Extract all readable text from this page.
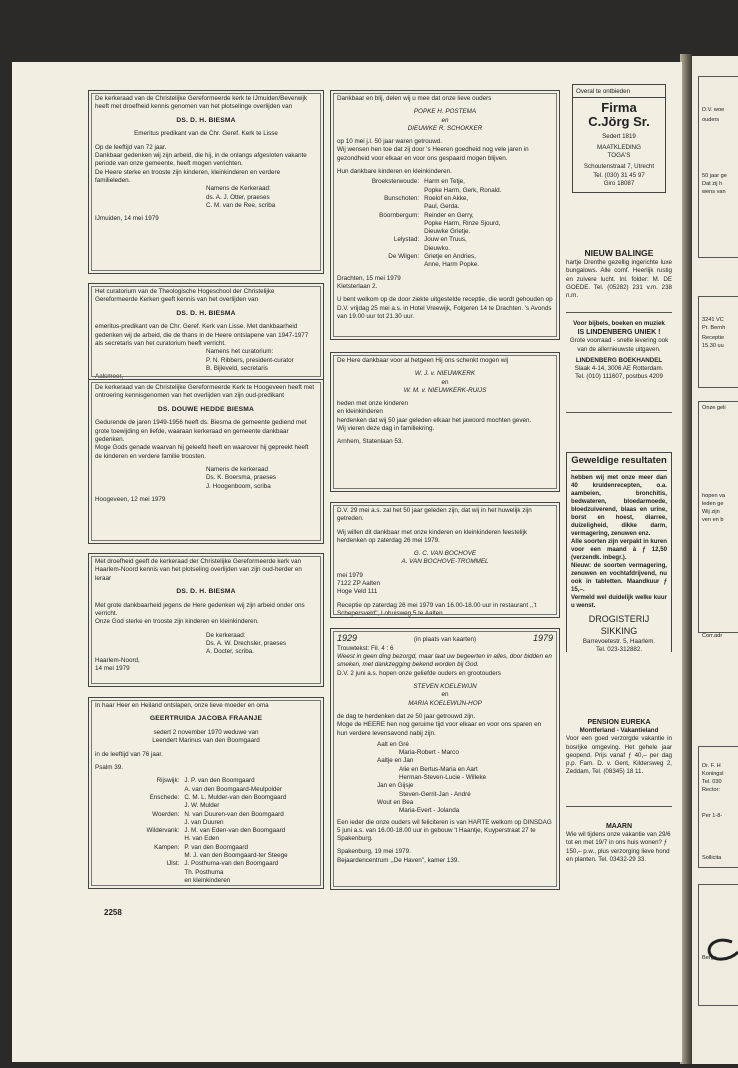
De kerkeraad van de Christelijke Gereformeerde kerk te IJmuiden/Beverwijk heeft met droefheid kennis genomen van het plotselinge overlijden van
DS. D. H. BIESMA
Emeritus predikant van de Chr. Geref. Kerk te Lisse
Op de leeftijd van 72 jaar.
Dankbaar gedenken wij zijn arbeid, die hij, in de onlangs afgesloten vakante periode van onze gemeente, heeft mogen verrichten.
De Heere sterke en trooste zijn kinderen, kleinkinderen en verdere familieleden.
Namens de Kerkeraad:
ds. A. J. Otter, praeses
C. M. van de Ree, scriba
IJmuiden, 14 mei 1979
Het curatorium van de Theologische Hogeschool der Christelijke Gereformeerde Kerken geeft kennis van het overlijden van
DS. D. H. BIESMA
emeritus-predikant van de Chr. Geref. Kerk van Lisse. Met dankbaarheid gedenken wij de arbeid, die de thans in de Heere ontslapene van 1947-1977 als secretaris van het curatorium heeft verricht.
Namens het curatorium:
P. N. Ribbers, president-curator
B. Bijleveld, secretaris
Aalsmeer,

De kerkeraad van de Christelijke Gereformeerde Kerk te Hoogeveen heeft met ontroering kennisgenomen van het overlijden van zijn oud-predikant
DS. DOUWE HEDDE BIESMA
Gedurende de jaren 1949-1956 heeft ds. Biesma de gemeente gediend met grote toewijding en liefde, waaraan kerkeraad en gemeente dankbaar gedenken.
Moge Gods genade waarvan hij geleefd heeft en waarover hij gepreekt heeft de kinderen en verdere familie troosten.
Namens de kerkeraad
Ds. K. Boersma, praeses
J. Hoogenboom, scriba
Hoogeveen, 12 mei 1979
Met droefheid geeft de kerkeraad der Christelijke Gereformeerde kerk van Haarlem-Noord kennis van het plotseling overlijden van zijn oud-herder en leraar
DS. D. H. BIESMA
Met grote dankbaarheid jegens de Here gedenken wij zijn arbeid onder ons verricht.
Onze God sterke en trooste zijn kinderen en kleinkinderen.
De kerkeraad:
Ds. A. W. Drechsler, praeses
A. Docter, scriba.
Haarlem-Noord,
14 mei 1979
In haar Heer en Heiland ontslapen, onze lieve moeder en oma
GEERTRUIDA JACOBA FRAANJE
sedert 2 november 1970 weduwe van
Leendert Marinus van den Boomgaard
in de leeftijd van 76 jaar.
Psalm 39.
Rijswijk: J. P. van den Boomgaard
A. van den Boomgaard-Meulpolder
Enschede: C. M. L. Mulder-van den Boomgaard
J. W. Mulder
Woerden: N. van Duuren-van den Boomgaard
J. van Duuren
Wildervank: J. M. van Eden-van den Boomgaard
H. van Eden
Kampen: P. van den Boomgaard
M. J. van den Boomgaard-ter Steege
IJlst: J. Posthuma-van den Boomgaard
Th. Posthuma
en kleinkinderen
2258
Dankbaar en blij, delen wij u mee dat onze lieve ouders
POPKE H. POSTEMA
en
DIEUWKE R. SCHOKKER
op 10 mei j.l. 50 jaar waren getrouwd.
Wij wensen hen toe dat zij door 's Heeren goedheid nog vele jaren in gezondheid voor elkaar en voor ons gespaard mogen blijven.
Hun dankbare kinderen en kleinkinderen.
Broeksterwoude: Harm en Tetje,
Popke Harm, Gerk, Ronald.
Bunschoten: Roelof en Akke,
Paul, Gerda.
Boornbergum: Reinder en Gerry,
Popke Harm, Rinze Sjourd,
Dieuwke Grietje.
Lelystad: Jouw en Truus,
Dieuwko.
De Wilgen: Grietje en Andries,
Anne, Harm Popke.
Drachten, 15 mei 1979
Kletsterlaan 2.
U bent welkom op de door ziekte uitgestelde receptie, die wordt gehouden op D.V. vrijdag 25 mei a.s. in Hotel Vreewijk, Folgeren 14 te Drachten. 's Avonds van 19.00 uur tot 21.30 uur.
De Here dankbaar voor al hetgeen Hij ons schenkt mogen wij
W. J. v. NIEUWKERK
en
W. M. v. NIEUWKERK-RUIJS
heden met onze kinderen
en kleinkinderen
herdenken dat wij 50 jaar geleden elkaar het jawoord mochten geven.
Wij vieren deze dag in familiekring.
Arnhem, Statenlaan 53.
D.V. 29 mei a.s. zal het 50 jaar geleden zijn, dat wij in het huwelijk zijn getreden.
Wij willen dit dankbaar met onze kinderen en kleinkinderen feestelijk herdenken op zaterdag 26 mei 1979.
G. C. VAN BOCHOVE
A. VAN BOCHOVE-TROMMEL
mei 1979
7122 ZP Aalten
Hoge Veld 111
Receptie op zaterdag 26 mei 1979 van 16.00-18.00 uur in restaurant ,,'t Schepersveld'', Lohuisweg 5 te Aalten.
1929	(in plaats van kaarten)	1979
Trouwtekst: Fil. 4 : 6
Weest in geen ding bezorgd, maar laat uw begeerten in alles, door bidden en smeken, met dankzegging bekend worden bij God.
D.V. 2 juni a.s. hopen onze geliefde ouders en grootouders
STEVEN KOELEWIJN
en
MARIA KOELEWIJN-HOP
de dag te herdenken dat ze 50 jaar getrouwd zijn.
Moge de HEERE hen nog geruime tijd voor elkaar en voor ons sparen en hun verdere levensavond nabij zijn.
Aalt en Gré
Maria-Robert - Marco
Aaltje en Jan
Alie en Bertus-Maria en Aart
Herman-Steven-Lucie - Willeke
Jan en Gijsje
Steven-Gerrit-Jan - André
Wout en Bea
Maria-Evert - Jolanda
Een ieder die onze ouders wil feliciteren is van HARTE welkom op DINSDAG 5 juni a.s. van 16.00-18.00 uur in gebouw 't Haantje, Kuyperstraat 27 te Spakenburg.
Spakenburg, 19 mei 1979.
Bejaardencentrum ,,De Haven'', kamer 139.
Overal te ontbieden
Firma
C.Jörg Sr.
Sedert 1819
MAATKLEDING
TOGA'S
Schoutenstraat 7, Utrecht
Tel. (030) 31 45 97
Giro 18087
NIEUW BALINGE
hartje Drenthe gezellig ingerichte luxe bungalows. Alle comf. Heerlijk rustig en zuivere lucht. Inl. folder: M. DE GOEDE. Tel. (05282) 231 v.m. 238 n.m.
Voor bijbels, boeken en muziek
IS LINDENBERG UNIEK !
Grote voorraad - snelle levering ook van de allernieuwste uitgaven.
LINDENBERG BOEKHANDEL
Slaak 4-14, 3006 AE Rotterdam.
Tel. (010) 111607, postbus 4209
Geweldige resultaten
hebben wij met onze meer dan 40 kruidenrecepten, o.a. aambeien, bronchitis, bedwateren, bloedarmoede, bloedzuiverend, blaas en urine, borst en hoest, diarree, duizeligheid, dikke darm, vermagering, zenuwen enz.
Alle soorten zijn verpakt in kuren voor een maand à ƒ 12,50 (verzendk. inbegr.).
Nieuw: de soorten vermagering, zenuwen en vochtafdrijvend, nu ook in tabletten. Maandkuur ƒ 15,–.
Vermeld wel duidelijk welke kuur u wenst.
DROGISTERIJ
SIKKING
Barrevoetestr. 5, Haarlem.
Tel. 023-312882.

PENSION EUREKA
Montferland - Vakantieland
Voor een goed verzorgde vakantie in bosrijke omgeving. Het gehele jaar geopend. Prijs vanaf ƒ 40,– per dag p.p. Fam. D. v. Gent, Kildersweg 2, Zeddam, Tel. (08345) 18 11.
MAARN
Wie wil tijdens onze vakantie van 29/6 tot en met 19/7 in ons huis wonen? ƒ 150,– p.w., plus verzorging lieve hond en planten. Tel. 03432-29 33.
D.V. woe
ouders
50 jaar ge
Dat zij h
wens van
3241 VC
Pr. Bernh
Receptie
15.30 uu
Onze geli
hopen va
leden ge
Wij zijn
ven en b
Corr.adr
Dr. F. H
Koningsl
Tel. 030
Rector:
Per 1-8-
Sollicita
Bergs
